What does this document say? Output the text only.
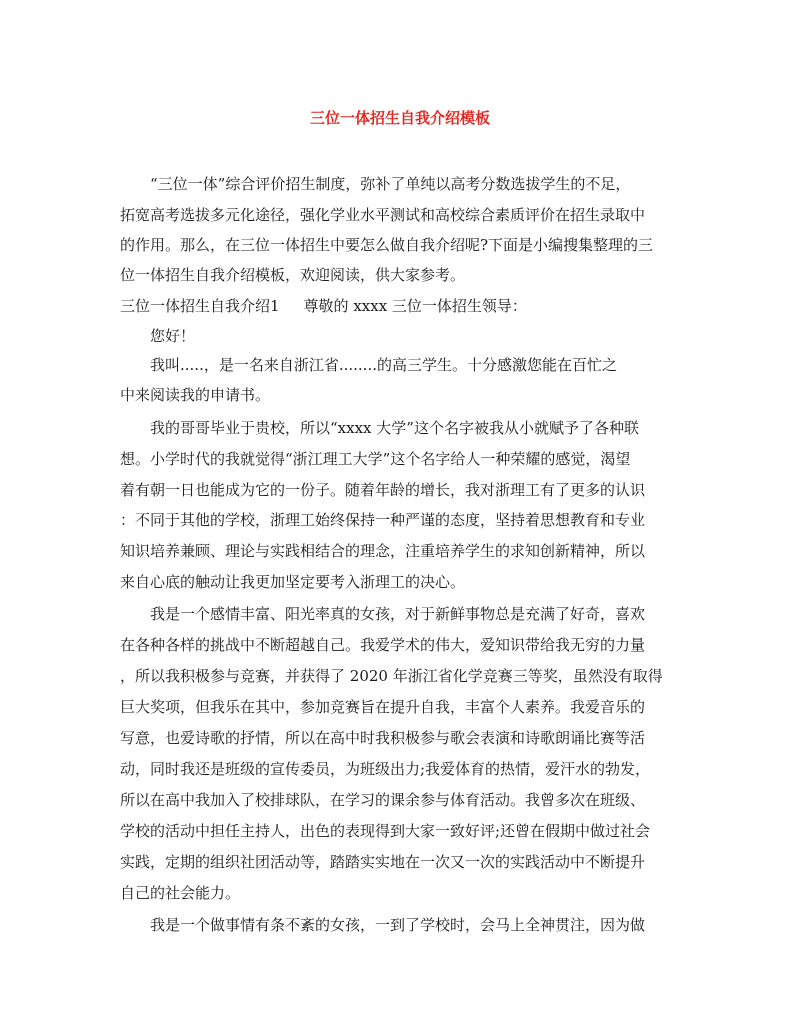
三位一体招生自我介绍模板
“三位一体”综合评价招生制度，弥补了单纯以高考分数选拔学生的不足，
拓宽高考选拔多元化途径，强化学业水平测试和高校综合素质评价在招生录取中
的作用。那么，在三位一体招生中要怎么做自我介绍呢?下面是小编搜集整理的三
位一体招生自我介绍模板，欢迎阅读，供大家参考。
三位一体招生自我介绍1 尊敬的 xxxx 三位一体招生领导：
您好！
我叫.....，是一名来自浙江省........的高三学生。十分感激您能在百忙之
中来阅读我的申请书。
我的哥哥毕业于贵校，所以“xxxx 大学”这个名字被我从小就赋予了各种联
想。小学时代的我就觉得“浙江理工大学”这个名字给人一种荣耀的感觉，渴望
着有朝一日也能成为它的一份子。随着年龄的增长，我对浙理工有了更多的认识
：不同于其他的学校，浙理工始终保持一种严谨的态度，坚持着思想教育和专业
知识培养兼顾、理论与实践相结合的理念，注重培养学生的求知创新精神，所以
来自心底的触动让我更加坚定要考入浙理工的决心。
我是一个感情丰富、阳光率真的女孩，对于新鲜事物总是充满了好奇，喜欢
在各种各样的挑战中不断超越自己。我爱学术的伟大，爱知识带给我无穷的力量
，所以我积极参与竞赛，并获得了 2020 年浙江省化学竞赛三等奖，虽然没有取得
巨大奖项，但我乐在其中，参加竞赛旨在提升自我，丰富个人素养。我爱音乐的
写意，也爱诗歌的抒情，所以在高中时我积极参与歌会表演和诗歌朗诵比赛等活
动，同时我还是班级的宣传委员，为班级出力;我爱体育的热情，爱汗水的勃发，
所以在高中我加入了校排球队，在学习的课余参与体育活动。我曾多次在班级、
学校的活动中担任主持人，出色的表现得到大家一致好评;还曾在假期中做过社会
实践，定期的组织社团活动等，踏踏实实地在一次又一次的实践活动中不断提升
自己的社会能力。
我是一个做事情有条不紊的女孩，一到了学校时，会马上全神贯注，因为做
